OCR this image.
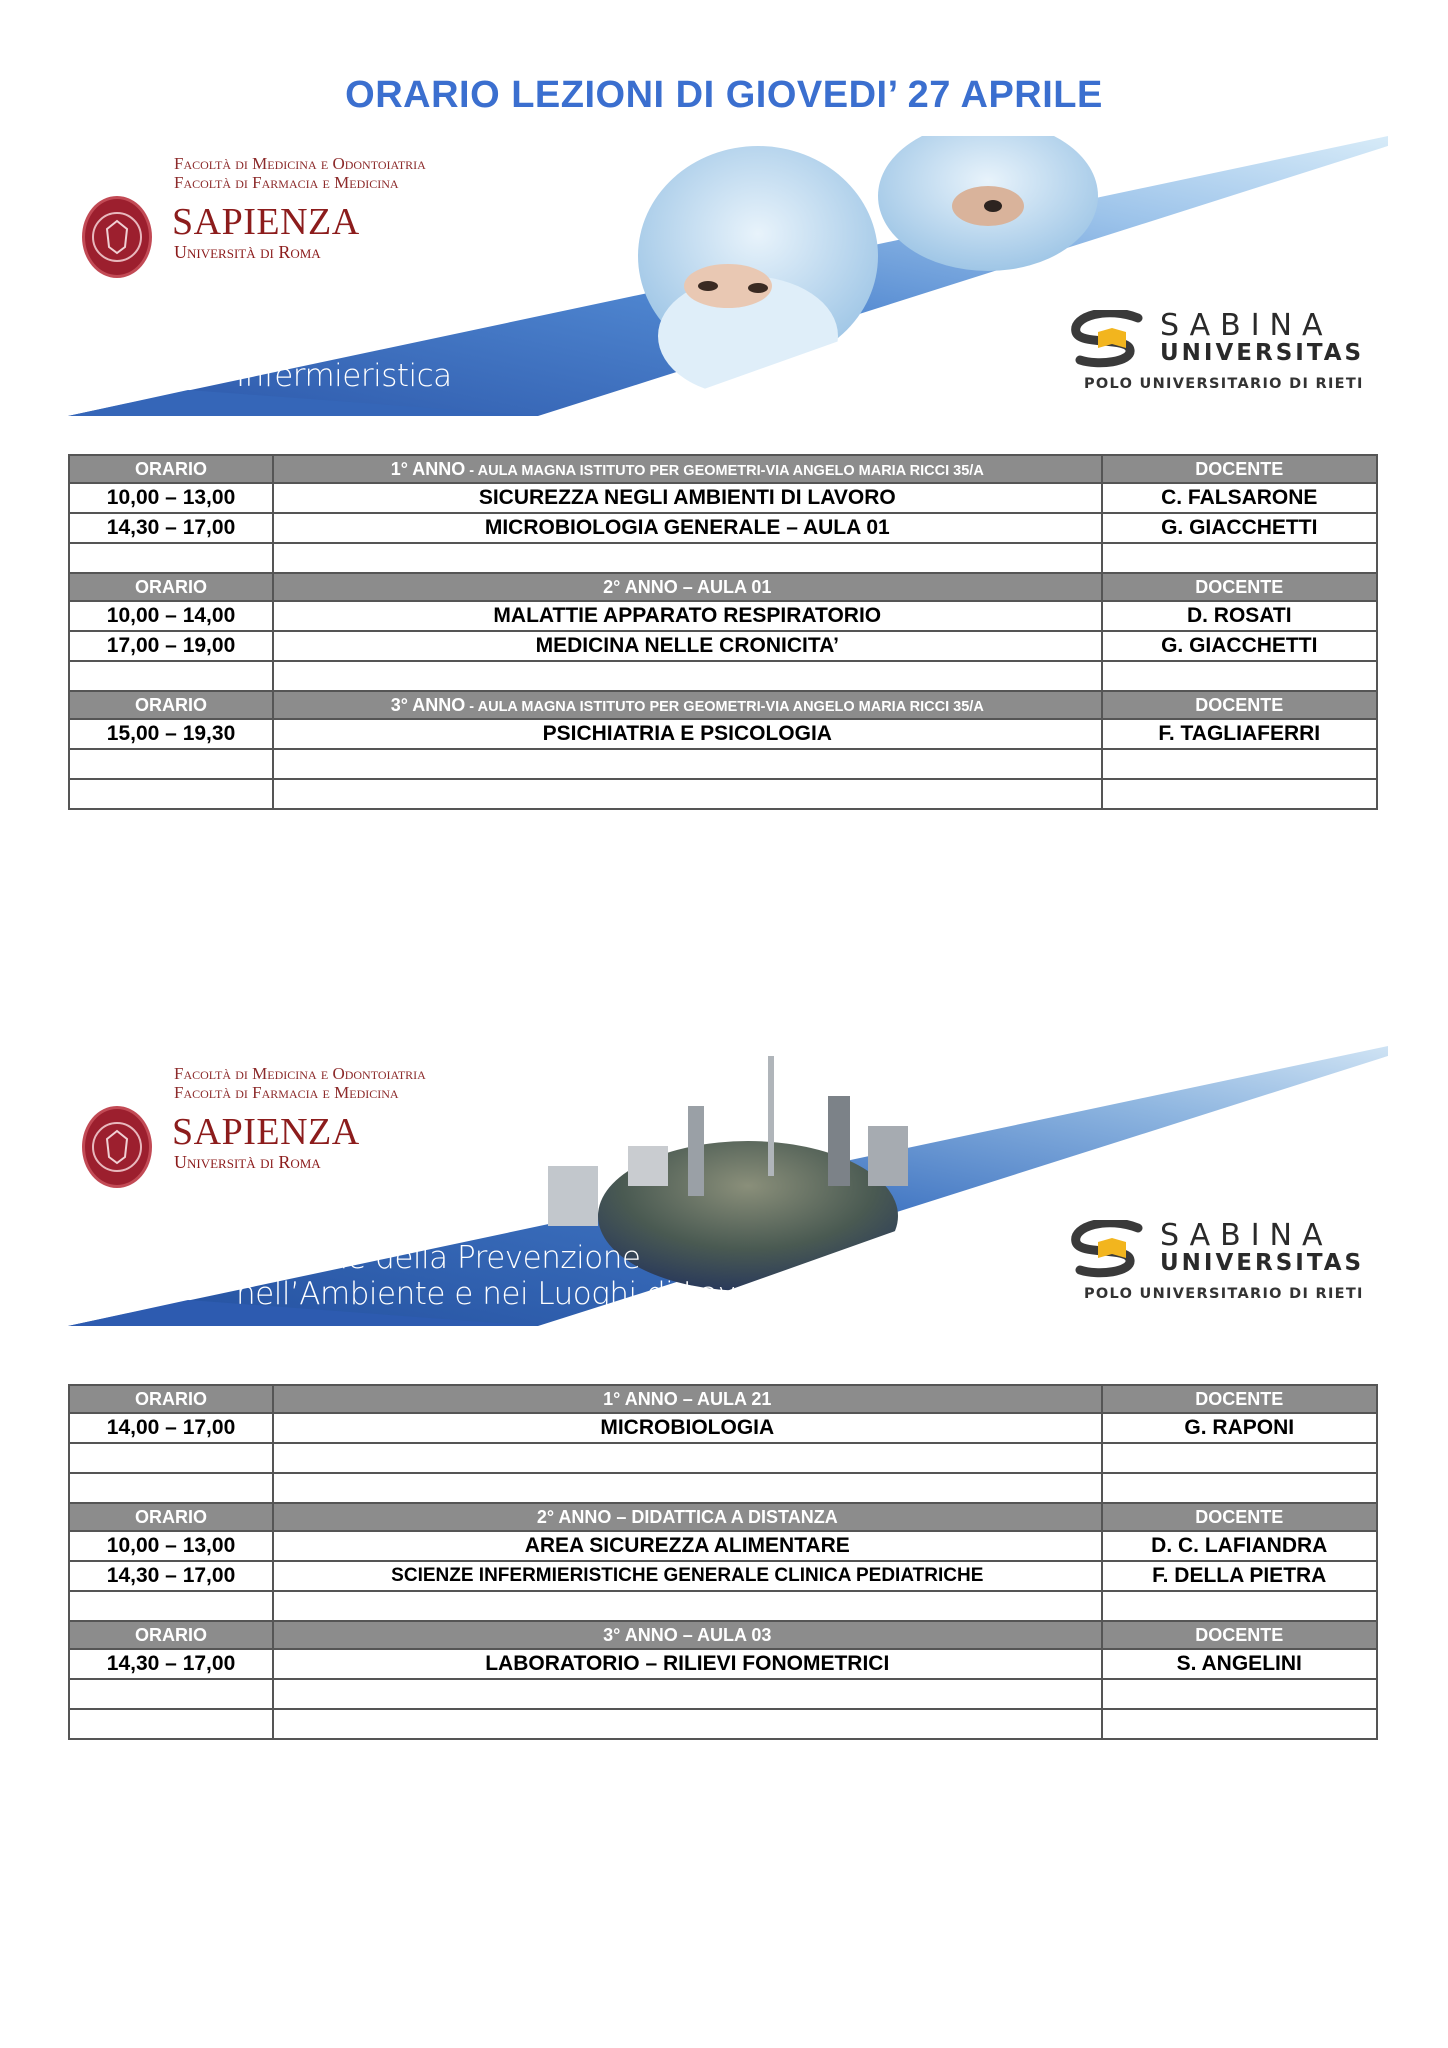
ORARIO LEZIONI DI GIOVEDI’ 27 APRILE
Facoltà di Medicina e Odontoiatria
Facoltà di Farmacia e Medicina
SAPIENZA
Università di Roma
Infermieristica
SABINA
UNIVERSITAS
POLO UNIVERSITARIO DI RIETI
ORARIO	1° ANNO - AULA MAGNA ISTITUTO PER GEOMETRI-VIA ANGELO MARIA RICCI 35/A	DOCENTE
10,00 – 13,00	SICUREZZA NEGLI AMBIENTI DI LAVORO	C. FALSARONE
14,30 – 17,00	MICROBIOLOGIA GENERALE – AULA 01	G. GIACCHETTI

ORARIO	2° ANNO – AULA 01	DOCENTE
10,00 – 14,00	MALATTIE APPARATO RESPIRATORIO	D. ROSATI
17,00 – 19,00	MEDICINA NELLE CRONICITA’	G. GIACCHETTI

ORARIO	3° ANNO - AULA MAGNA ISTITUTO PER GEOMETRI-VIA ANGELO MARIA RICCI 35/A	DOCENTE
15,00 – 19,30	PSICHIATRIA E PSICOLOGIA	F. TAGLIAFERRI

Facoltà di Medicina e Odontoiatria
Facoltà di Farmacia e Medicina
SAPIENZA
Università di Roma
Tecniche della Prevenzione
nell’Ambiente e nei Luoghi di Lavoro
SABINA
UNIVERSITAS
POLO UNIVERSITARIO DI RIETI
ORARIO	1° ANNO – AULA 21	DOCENTE
14,00 – 17,00	MICROBIOLOGIA	G. RAPONI

ORARIO	2° ANNO – DIDATTICA A DISTANZA	DOCENTE
10,00 – 13,00	AREA SICUREZZA ALIMENTARE	D. C. LAFIANDRA
14,30 – 17,00	SCIENZE INFERMIERISTICHE GENERALE CLINICA PEDIATRICHE	F. DELLA PIETRA

ORARIO	3° ANNO – AULA 03	DOCENTE
14,30 – 17,00	LABORATORIO – RILIEVI FONOMETRICI	S. ANGELINI
